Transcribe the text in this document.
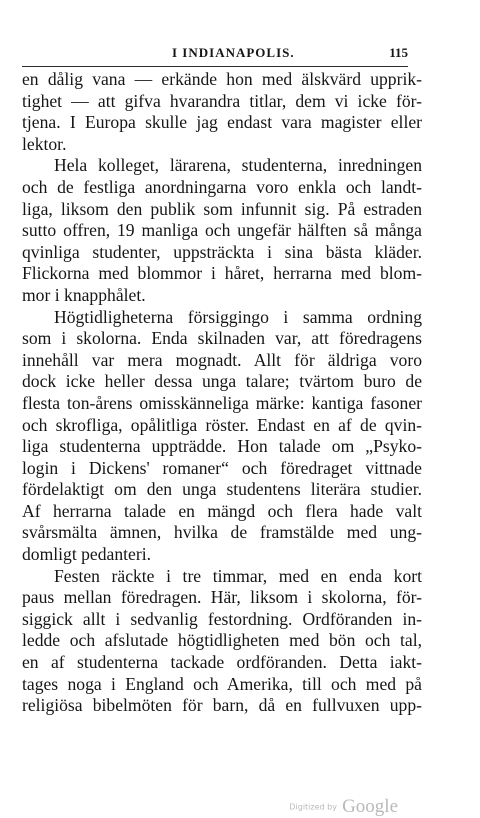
I INDIANAPOLIS.	115
en dålig vana — erkände hon med älskvärd upprik-
tighet — att gifva hvarandra titlar, dem vi icke för-
tjena. I Europa skulle jag endast vara magister eller
lektor.
Hela kolleget, lärarena, studenterna, inredningen
och de festliga anordningarna voro enkla och landt-
liga, liksom den publik som infunnit sig. På estraden
sutto offren, 19 manliga och ungefär hälften så många
qvinliga studenter, uppsträckta i sina bästa kläder.
Flickorna med blommor i håret, herrarna med blom-
mor i knapphålet.
Högtidligheterna försiggingo i samma ordning
som i skolorna. Enda skilnaden var, att föredragens
innehåll var mera mognadt. Allt för äldriga voro
dock icke heller dessa unga talare; tvärtom buro de
flesta ton-årens omisskänneliga märke: kantiga fasoner
och skrofliga, opålitliga röster. Endast en af de qvin-
liga studenterna uppträdde. Hon talade om „Psyko-
login i Dickens' romaner“ och föredraget vittnade
fördelaktigt om den unga studentens literära studier.
Af herrarna talade en mängd och flera hade valt
svårsmälta ämnen, hvilka de framstälde med ung-
domligt pedanteri.
Festen räckte i tre timmar, med en enda kort
paus mellan föredragen. Här, liksom i skolorna, för-
siggick allt i sedvanlig festordning. Ordföranden in-
ledde och afslutade högtidligheten med bön och tal,
en af studenterna tackade ordföranden. Detta iakt-
tages noga i England och Amerika, till och med på
religiösa bibelmöten för barn, då en fullvuxen upp-
Digitized by Google
